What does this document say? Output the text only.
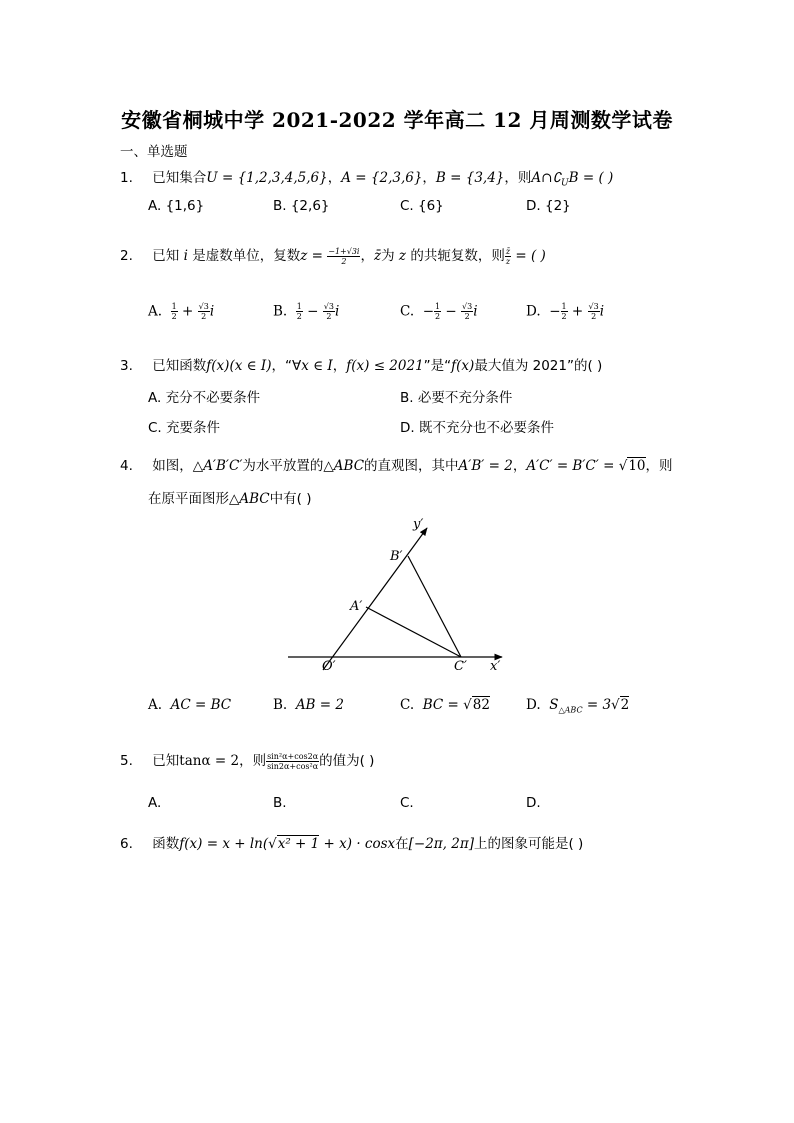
安徽省桐城中学 2021-2022 学年高二 12 月周测数学试卷
一、单选题
1. 已知集合U = {1,2,3,4,5,6}，A = {2,3,6}，B = {3,4}，则$A\cap∁_UB$ = ( )
A. {1,6}	B. {2,6}	C. {6}	D. {2}
2. 已知 i 是虚数单位，复数$z = \frac{-1+√3i}{2}$ ，z̄为 z 的共轭复数，则 $\frac{z̄}{z}$ = ( )
A. $\frac{1}{2} + \frac{√3}{2}$ i	B. $\frac{1}{2} - \frac{√3}{2}$ i	C.  − $\frac{1}{2} - \frac{√3}{2}$ i	D.  − $\frac{1}{2} + \frac{√3}{2}$ i
3. 已知函数f(x)(x ∈ I)，“∀x ∈ I，f(x) ≤ 2021”是“f(x)最大值为 2021”的( )
A. 充分不必要条件	B. 必要不充分条件
C. 充要条件	D. 既不充分也不必要条件
4. 如图，△A′B′C′为水平放置的△ABC的直观图，其中A′B′ = 2，A′C′ = B′C′ = √10，则
在原平面图形△ABC中有( )
y′
B′
A′
O′	C′ x′
A. AC = BC	B. AB = 2	C. BC = √82	D. $S_{\triangle ABC} = 3√2$
5. 已知tanα = 2，则 $\frac{\text{sin²α+cos2α}}{\text{sin2α+cos²α}}$ 的值为( )
A.	B.	C.	D.
6. 函数f(x) = x + ln(√x² + 1 + x) · cosx在[−2π, 2π]上的图象可能是( )
